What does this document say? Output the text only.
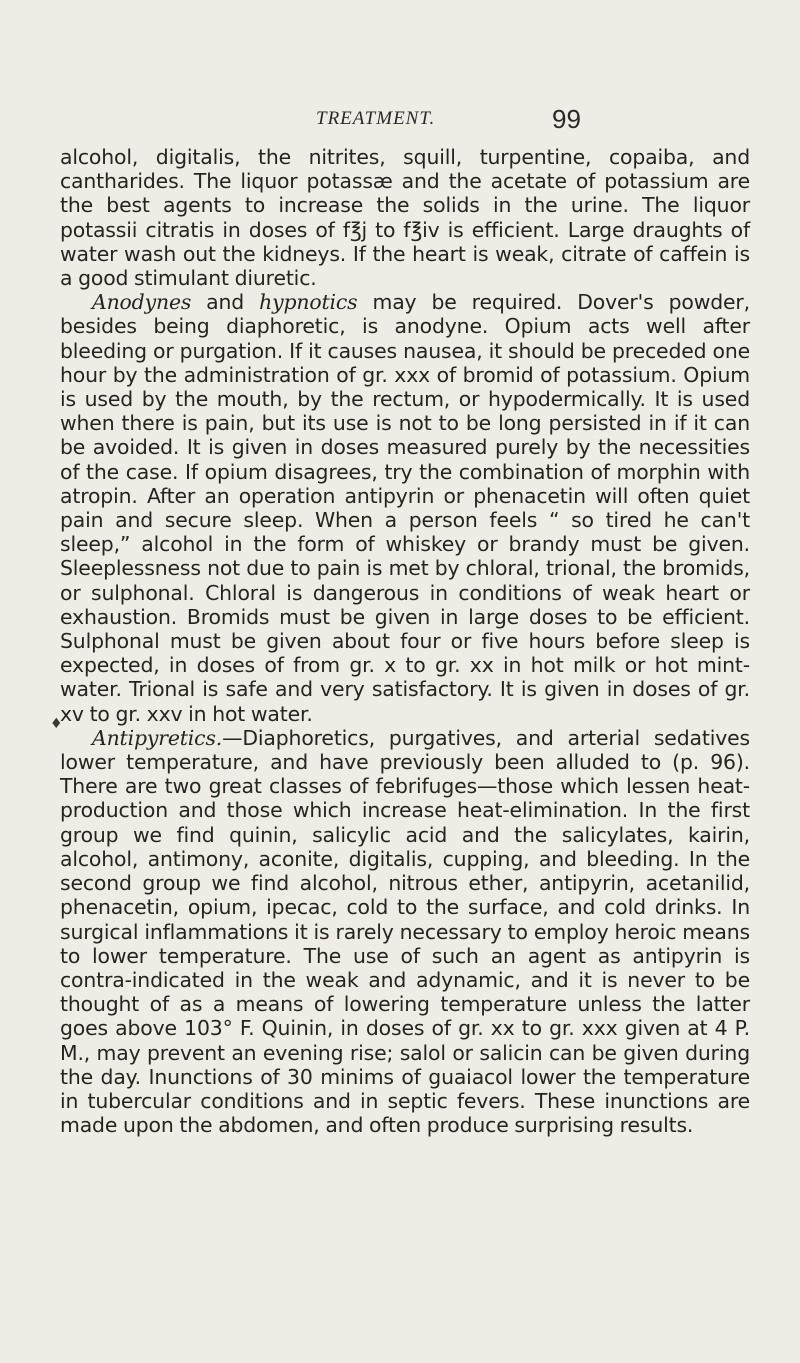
TREATMENT.	99

alcohol, digitalis, the nitrites, squill, turpentine, copaiba, and cantharides. The liquor potassæ and the acetate of potassium are the best agents to increase the solids in the urine. The liquor potassii citratis in doses of f℥j to f℥iv is efficient. Large draughts of water wash out the kidneys. If the heart is weak, citrate of caffein is a good stimulant diuretic.

Anodynes and hypnotics may be required. Dover's powder, besides being diaphoretic, is anodyne. Opium acts well after bleeding or purgation. If it causes nausea, it should be preceded one hour by the administration of gr. xxx of bromid of potassium. Opium is used by the mouth, by the rectum, or hypodermically. It is used when there is pain, but its use is not to be long persisted in if it can be avoided. It is given in doses measured purely by the necessities of the case. If opium disagrees, try the combination of morphin with atropin. After an operation antipyrin or phenacetin will often quiet pain and secure sleep. When a person feels “ so tired he can't sleep,” alcohol in the form of whiskey or brandy must be given. Sleeplessness not due to pain is met by chloral, trional, the bromids, or sulphonal. Chloral is dangerous in conditions of weak heart or exhaustion. Bromids must be given in large doses to be efficient. Sulphonal must be given about four or five hours before sleep is expected, in doses of from gr. x to gr. xx in hot milk or hot mint-water. Trional is safe and very satisfactory. It is given in doses of gr. xv to gr. xxv in hot water.

Antipyretics.—Diaphoretics, purgatives, and arterial sedatives lower temperature, and have previously been alluded to (p. 96). There are two great classes of febrifuges—those which lessen heat-production and those which increase heat-elimination. In the first group we find quinin, salicylic acid and the salicylates, kairin, alcohol, antimony, aconite, digitalis, cupping, and bleeding. In the second group we find alcohol, nitrous ether, antipyrin, acetanilid, phenacetin, opium, ipecac, cold to the surface, and cold drinks. In surgical inflammations it is rarely necessary to employ heroic means to lower temperature. The use of such an agent as antipyrin is contra-indicated in the weak and adynamic, and it is never to be thought of as a means of lowering temperature unless the latter goes above 103° F. Quinin, in doses of gr. xx to gr. xxx given at 4 P. M., may prevent an evening rise; salol or salicin can be given during the day. Inunctions of 30 minims of guaiacol lower the temperature in tubercular conditions and in septic fevers. These inunctions are made upon the abdomen, and often produce surprising results.

♦
